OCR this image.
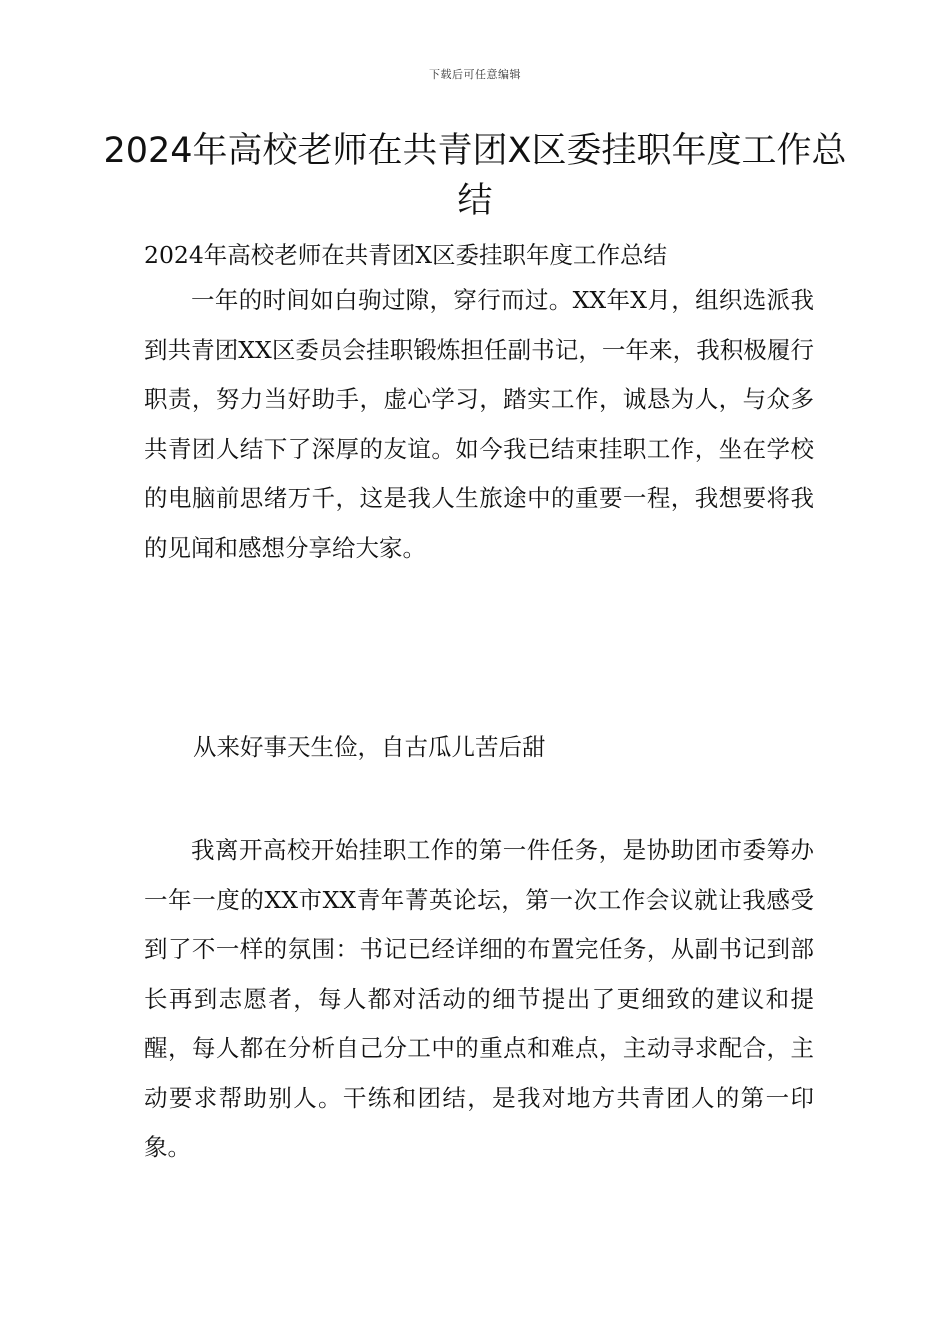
下载后可任意编辑
2024年高校老师在共青团X区委挂职年度工作总结

2024年高校老师在共青团X区委挂职年度工作总结

一年的时间如白驹过隙，穿行而过。XX年X月，组织选派我到共青团XX区委员会挂职锻炼担任副书记，一年来，我积极履行职责，努力当好助手，虚心学习，踏实工作，诚恳为人，与众多共青团人结下了深厚的友谊。如今我已结束挂职工作，坐在学校的电脑前思绪万千，这是我人生旅途中的重要一程，我想要将我的见闻和感想分享给大家。

从来好事天生俭，自古瓜儿苦后甜

我离开高校开始挂职工作的第一件任务，是协助团市委筹办一年一度的XX市XX青年菁英论坛，第一次工作会议就让我感受到了不一样的氛围：书记已经详细的布置完任务，从副书记到部长再到志愿者，每人都对活动的细节提出了更细致的建议和提醒，每人都在分析自己分工中的重点和难点，主动寻求配合，主动要求帮助别人。干练和团结，是我对地方共青团人的第一印象。
